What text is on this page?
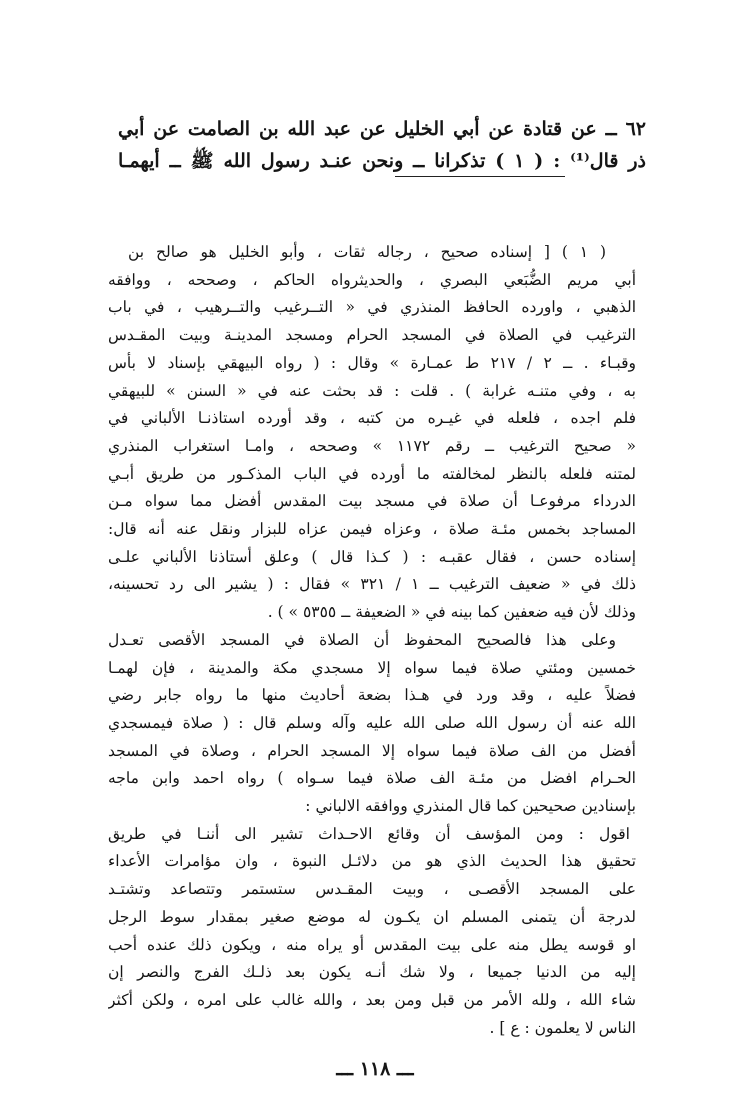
٦٢ ــ عن قتادة عن أبي الخليل عن عبد الله بن الصامت عن أبي
ذر قال⁽¹⁾ : ( ١ ) تذكرانا ــ ونحن عنـد رسول الله ﷺ ــ أيهمـا
( ١ ) [ إسناده صحيح ، رجاله ثقات ، وأبو الخليل هو صالح بن
أبي مريم الضُّبَعي البصري ، والحديثرواه الحاكم ، وصححه ، ووافقه
الذهبي ، واورده الحافظ المنذري في « التــرغيب والتــرهيب ، في باب
الترغيب في الصلاة في المسجد الحرام ومسجد المدينـة وبيت المقـدس
وقبـاء . ــ ٢ / ٢١٧ ط عمـارة » وقال : ( رواه البيهقي بإسناد لا بأس
به ، وفي متنـه غرابة ) . قلت : قد بحثت عنه في « السنن » للبيهقي
فلم اجده ، فلعله في غيـره من كتبه ، وقد أورده استاذنـا الألباني في
« صحيح الترغيب ــ رقم ١١٧٢ » وصححه ، وامـا استغراب المنذري
لمتنه فلعله بالنظر لمخالفته ما أورده في الباب المذكـور من طريق أبـي
الدرداء مرفوعـا أن صلاة في مسجد بيت المقدس أفضل مما سواه مـن
المساجد بخمس مئـة صلاة ، وعزاه فيمن عزاه للبزار ونقل عنه أنه قال:
إسناده حسن ، فقال عقبـه : ( كـذا قال ) وعلق أستاذنا الألباني علـى
ذلك في « ضعيف الترغيب ــ ١ / ٣٢١ » فقال : ( يشير الى رد تحسينه،
وذلك لأن فيه ضعفين كما بينه في « الضعيفة ــ ٥٣٥٥ » ) .
وعلى هذا فالصحيح المحفوظ أن الصلاة في المسجد الأقصى تعـدل
خمسين ومئتي صلاة فيما سواه إلا مسجدي مكة والمدينة ، فإن لهمـا
فضلاً عليه ، وقد ورد في هـذا بضعة أحاديث منها ما رواه جابر رضي
الله عنه أن رسول الله صلى الله عليه وآله وسلم قال : ( صلاة فيمسجدي
أفضل من الف صلاة فيما سواه إلا المسجد الحرام ، وصلاة في المسجد
الحـرام افضل من مئـة الف صلاة فيما سـواه ) رواه احمد وابن ماجه
بإسنادين صحيحين كما قال المنذري ووافقه الالباني :
اقول : ومن المؤسف أن وقائع الاحـداث تشير الى أننـا في طريق
تحقيق هذا الحديث الذي هو من دلائـل النبوة ، وان مؤامرات الأعداء
على المسجد الأقصـى ، وبيت المقـدس ستستمر وتتصاعد وتشتـد
لدرجة أن يتمنى المسلم ان يكـون له موضع صغير بمقدار سوط الرجل
او قوسه يطل منه على بيت المقدس أو يراه منه ، ويكون ذلك عنده أحب
إليه من الدنيا جميعا ، ولا شك أنـه يكون بعد ذلـك الفرج والنصر إن
شاء الله ، ولله الأمر من قبل ومن بعد ، والله غالب على امره ، ولكن أكثر
الناس لا يعلمون : ع ] .
ـــ ١١٨ ـــ
